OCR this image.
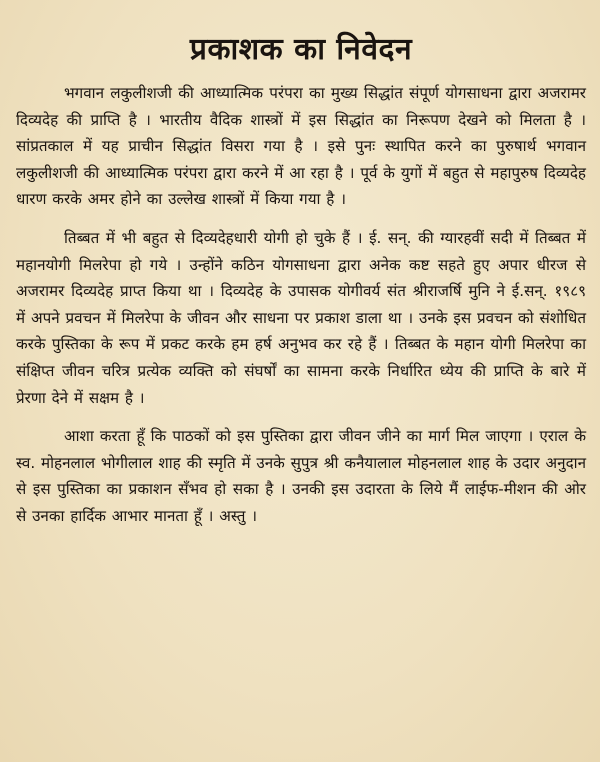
प्रकाशक का निवेदन

भगवान लकुलीशजी की आध्यात्मिक परंपरा का मुख्य सिद्धांत संपूर्ण योगसाधना द्वारा अजरामर दिव्यदेह की प्राप्ति है । भारतीय वैदिक शास्त्रों में इस सिद्धांत का निरूपण देखने को मिलता है । सांप्रतकाल में यह प्राचीन सिद्धांत विसरा गया है । इसे पुनः स्थापित करने का पुरुषार्थ भगवान लकुलीशजी की आध्यात्मिक परंपरा द्वारा करने में आ रहा है । पूर्व के युगों में बहुत से महापुरुष दिव्यदेह धारण करके अमर होने का उल्लेख शास्त्रों में किया गया है ।

तिब्बत में भी बहुत से दिव्यदेहधारी योगी हो चुके हैं । ई. सन्. की ग्यारहवीं सदी में तिब्बत में महानयोगी मिलरेपा हो गये । उन्होंने कठिन योगसाधना द्वारा अनेक कष्ट सहते हुए अपार धीरज से अजरामर दिव्यदेह प्राप्त किया था । दिव्यदेह के उपासक योगीवर्य संत श्रीराजर्षि मुनि ने ई.सन्. १९८९ में अपने प्रवचन में मिलरेपा के जीवन और साधना पर प्रकाश डाला था । उनके इस प्रवचन को संशोधित करके पुस्तिका के रूप में प्रकट करके हम हर्ष अनुभव कर रहे हैं । तिब्बत के महान योगी मिलरेपा का संक्षिप्त जीवन चरित्र प्रत्येक व्यक्ति को संघर्षों का सामना करके निर्धारित ध्येय की प्राप्ति के बारे में प्रेरणा देने में सक्षम है ।

आशा करता हूँ कि पाठकों को इस पुस्तिका द्वारा जीवन जीने का मार्ग मिल जाएगा । एराल के स्व. मोहनलाल भोगीलाल शाह की स्मृति में उनके सुपुत्र श्री कनैयालाल मोहनलाल शाह के उदार अनुदान से इस पुस्तिका का प्रकाशन सँभव हो सका है । उनकी इस उदारता के लिये मैं लाईफ-मीशन की ओर से उनका हार्दिक आभार मानता हूँ । अस्तु ।
